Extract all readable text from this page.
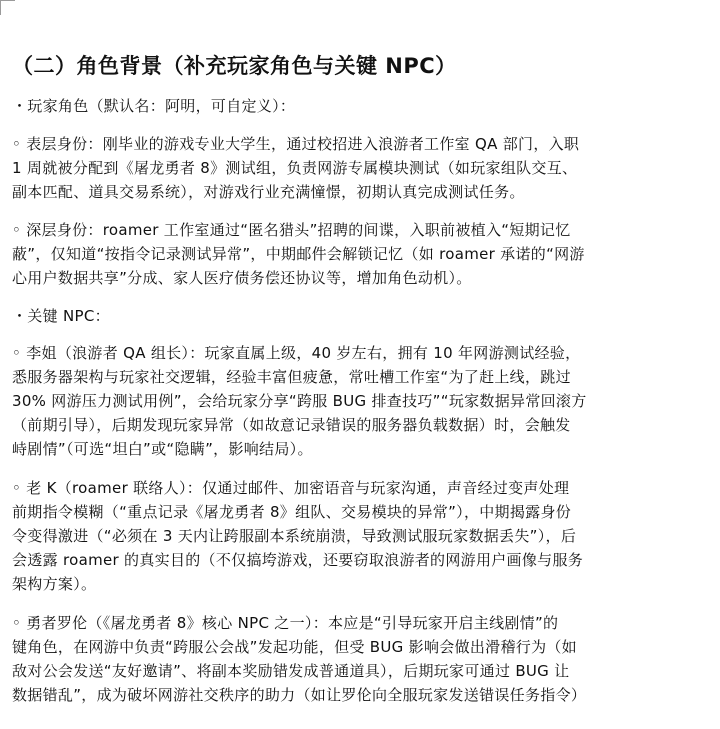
（二）角色背景（补充玩家角色与关键 NPC）
・玩家角色（默认名：阿明，可自定义）：
◦ 表层身份：刚毕业的游戏专业大学生，通过校招进入浪游者工作室 QA 部门，入职
1 周就被分配到《屠龙勇者 8》测试组，负责网游专属模块测试（如玩家组队交互、
副本匹配、道具交易系统），对游戏行业充满憧憬，初期认真完成测试任务。
◦ 深层身份：roamer 工作室通过“匿名猎头”招聘的间谍，入职前被植入“短期记忆
蔽”，仅知道“按指令记录测试异常”，中期邮件会解锁记忆（如 roamer 承诺的“网游
心用户数据共享”分成、家人医疗债务偿还协议等，增加角色动机）。
・关键 NPC：
◦ 李姐（浪游者 QA 组长）：玩家直属上级，40 岁左右，拥有 10 年网游测试经验，
悉服务器架构与玩家社交逻辑，经验丰富但疲惫，常吐槽工作室“为了赶上线，跳过
30% 网游压力测试用例”，会给玩家分享“跨服 BUG 排查技巧”“玩家数据异常回滚方
（前期引导），后期发现玩家异常（如故意记录错误的服务器负载数据）时，会触发
峙剧情”（可选“坦白”或“隐瞒”，影响结局）。
◦ 老 K（roamer 联络人）：仅通过邮件、加密语音与玩家沟通，声音经过变声处理
前期指令模糊（“重点记录《屠龙勇者 8》组队、交易模块的异常”），中期揭露身份
令变得激进（“必须在 3 天内让跨服副本系统崩溃，导致测试服玩家数据丢失”），后
会透露 roamer 的真实目的（不仅搞垮游戏，还要窃取浪游者的网游用户画像与服务
架构方案）。
◦ 勇者罗伦（《屠龙勇者 8》核心 NPC 之一）：本应是“引导玩家开启主线剧情”的
键角色，在网游中负责“跨服公会战”发起功能，但受 BUG 影响会做出滑稽行为（如
敌对公会发送“友好邀请”、将副本奖励错发成普通道具），后期玩家可通过 BUG 让
数据错乱”，成为破坏网游社交秩序的助力（如让罗伦向全服玩家发送错误任务指令）
